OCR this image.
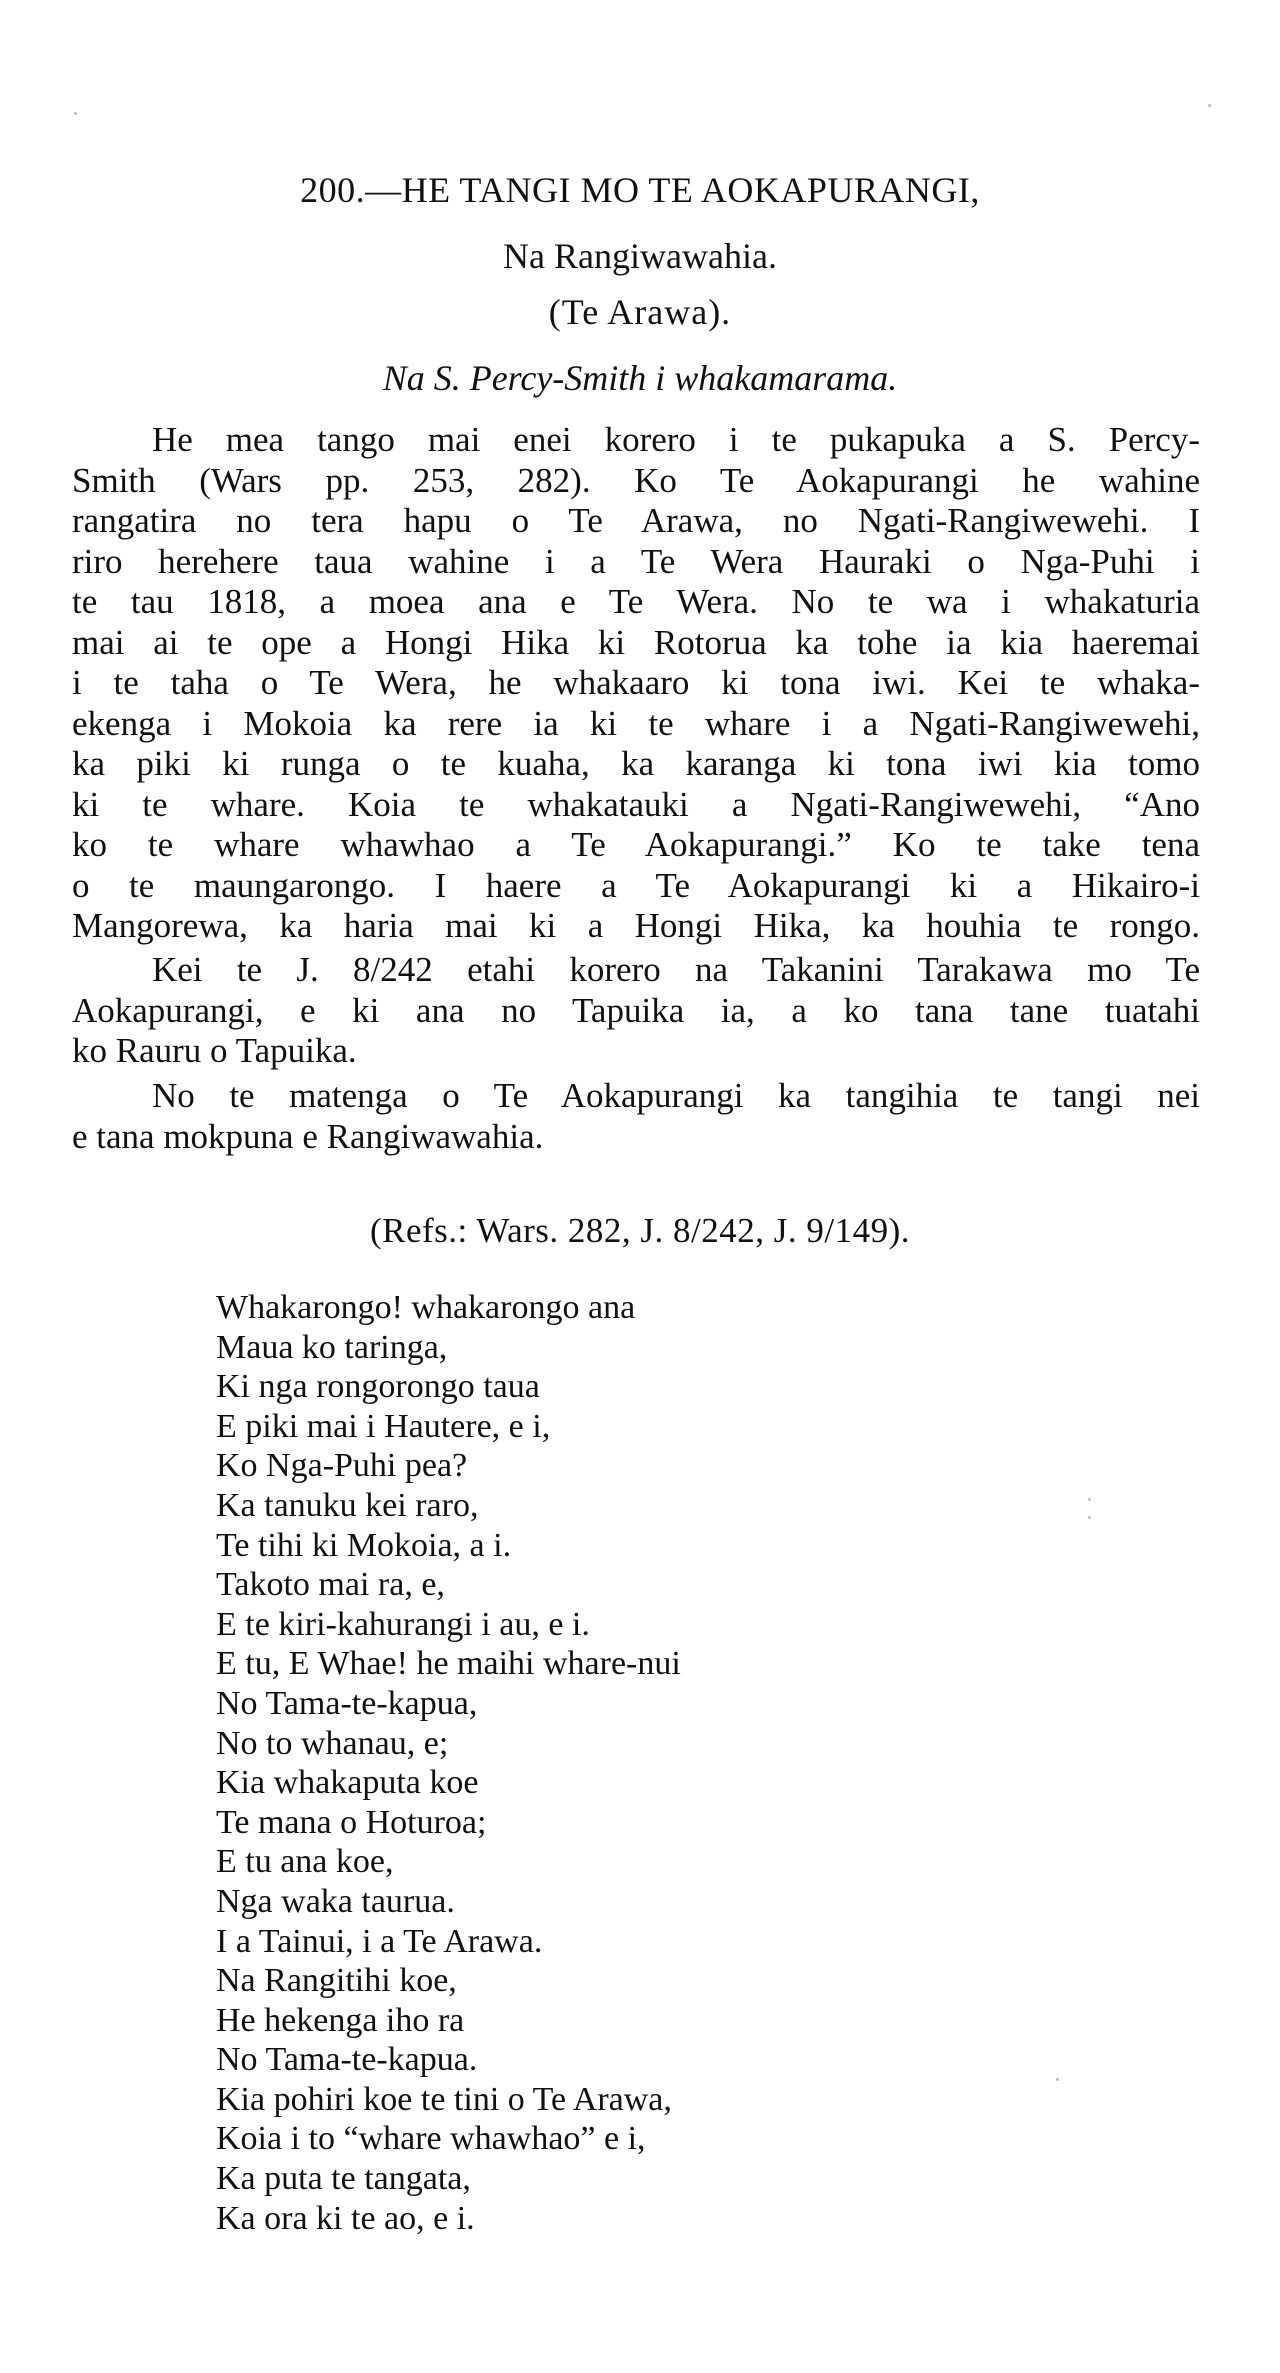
200.—HE TANGI MO TE AOKAPURANGI,
Na Rangiwawahia.
(Te Arawa).
Na S. Percy-Smith i whakamarama.
He mea tango mai enei korero i te pukapuka a S. Percy-
Smith (Wars pp. 253, 282). Ko Te Aokapurangi he wahine
rangatira no tera hapu o Te Arawa, no Ngati-Rangiwewehi. I
riro herehere taua wahine i a Te Wera Hauraki o Nga-Puhi i
te tau 1818, a moea ana e Te Wera. No te wa i whakaturia
mai ai te ope a Hongi Hika ki Rotorua ka tohe ia kia haeremai
i te taha o Te Wera, he whakaaro ki tona iwi. Kei te whaka-
ekenga i Mokoia ka rere ia ki te whare i a Ngati-Rangiwewehi,
ka piki ki runga o te kuaha, ka karanga ki tona iwi kia tomo
ki te whare. Koia te whakatauki a Ngati-Rangiwewehi, “Ano
ko te whare whawhao a Te Aokapurangi.” Ko te take tena
o te maungarongo. I haere a Te Aokapurangi ki a Hikairo-i
Mangorewa, ka haria mai ki a Hongi Hika, ka houhia te rongo.
Kei te J. 8/242 etahi korero na Takanini Tarakawa mo Te
Aokapurangi, e ki ana no Tapuika ia, a ko tana tane tuatahi
ko Rauru o Tapuika.
No te matenga o Te Aokapurangi ka tangihia te tangi nei
e tana mokpuna e Rangiwawahia.

(Refs.: Wars. 282, J. 8/242, J. 9/149).

Whakarongo! whakarongo ana
Maua ko taringa,
Ki nga rongorongo taua
E piki mai i Hautere, e i,
Ko Nga-Puhi pea?
Ka tanuku kei raro,
Te tihi ki Mokoia, a i.
Takoto mai ra, e,
E te kiri-kahurangi i au, e i.
E tu, E Whae! he maihi whare-nui
No Tama-te-kapua,
No to whanau, e;
Kia whakaputa koe
Te mana o Hoturoa;
E tu ana koe,
Nga waka taurua.
I a Tainui, i a Te Arawa.
Na Rangitihi koe,
He hekenga iho ra
No Tama-te-kapua.
Kia pohiri koe te tini o Te Arawa,
Koia i to “whare whawhao” e i,
Ka puta te tangata,
Ka ora ki te ao, e i.
